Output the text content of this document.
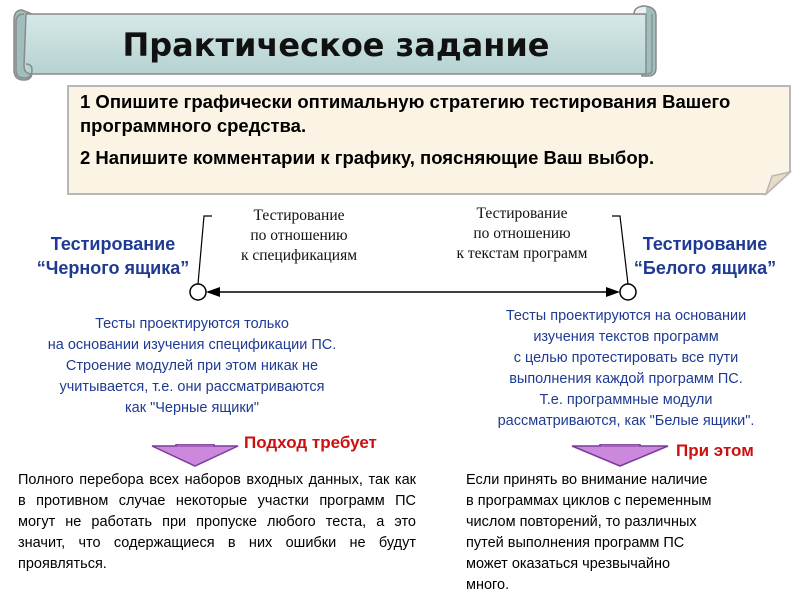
Практическое задание

1 Опишите графически оптимальную стратегию тестирования Вашего программного средства.

2 Напишите комментарии к графику, поясняющие Ваш выбор.

Тестирование
по отношению
к спецификациям
Тестирование
по отношению
к текстам программ
Тестирование
“Черного ящика”
Тестирование
“Белого ящика”
Тесты проектируются только
на основании изучения спецификации ПС.
Строение модулей при этом никак не
учитывается, т.е. они рассматриваются
как "Черные ящики"
Тесты проектируются на основании
изучения текстов программ
с целью протестировать все пути
выполнения каждой программ ПС.
Т.е. программные модули
рассматриваются, как "Белые ящики".
Подход требует	При этом
Полного перебора всех наборов входных данных, так как в противном случае некоторые участки программ ПС могут не работать при пропуске любого теста, а это значит, что содержащиеся в них ошибки не будут проявляться.
Если принять во внимание наличие
в программах циклов с переменным
числом повторений, то различных
путей выполнения программ ПС
может оказаться чрезвычайно
много.
